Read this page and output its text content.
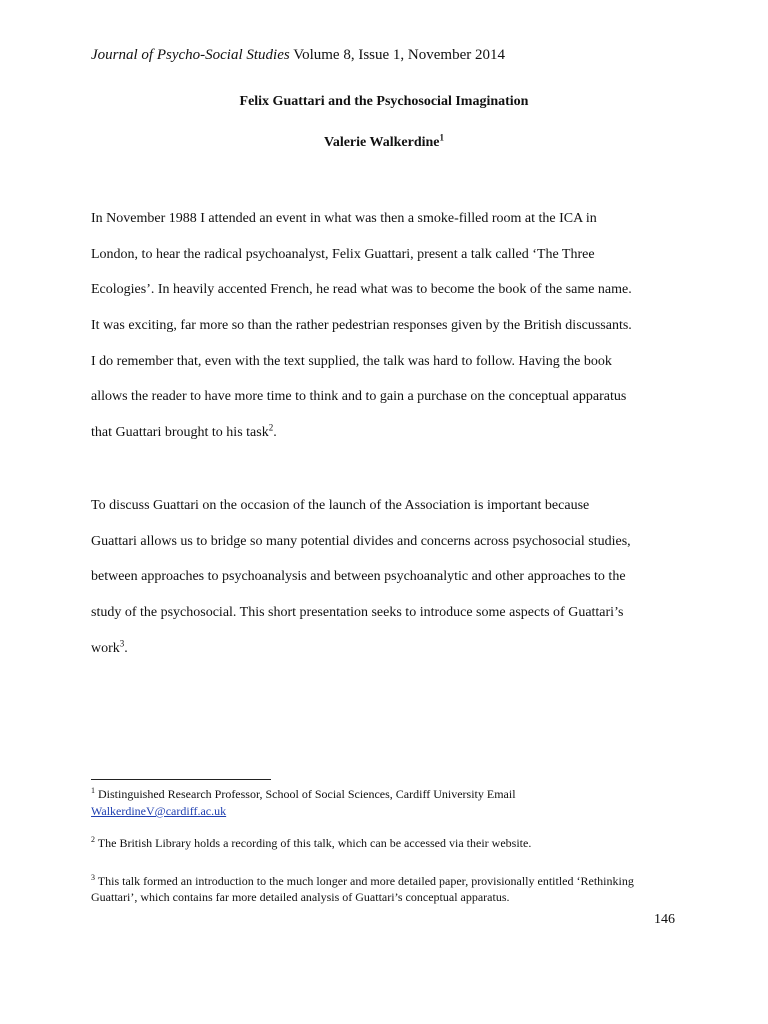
Journal of Psycho-Social Studies Volume 8, Issue 1, November 2014
Felix Guattari and the Psychosocial Imagination
Valerie Walkerdine$^1$
In November 1988 I attended an event in what was then a smoke-filled room at the ICA in
London, to hear the radical psychoanalyst, Felix Guattari, present a talk called ‘The Three
Ecologies’. In heavily accented French, he read what was to become the book of the same name.
It was exciting, far more so than the rather pedestrian responses given by the British discussants.
I do remember that, even with the text supplied, the talk was hard to follow. Having the book
allows the reader to have more time to think and to gain a purchase on the conceptual apparatus
that Guattari brought to his task$^2$.
To discuss Guattari on the occasion of the launch of the Association is important because
Guattari allows us to bridge so many potential divides and concerns across psychosocial studies,
between approaches to psychoanalysis and between psychoanalytic and other approaches to the
study of the psychosocial. This short presentation seeks to introduce some aspects of Guattari’s
work$^3$.
$^1$ Distinguished Research Professor, School of Social Sciences, Cardiff University Email
WalkerdineV@cardiff.ac.uk
$^2$ The British Library holds a recording of this talk, which can be accessed via their website.
$^3$ This talk formed an introduction to the much longer and more detailed paper, provisionally entitled ‘Rethinking
Guattari’, which contains far more detailed analysis of Guattari’s conceptual apparatus.
146
